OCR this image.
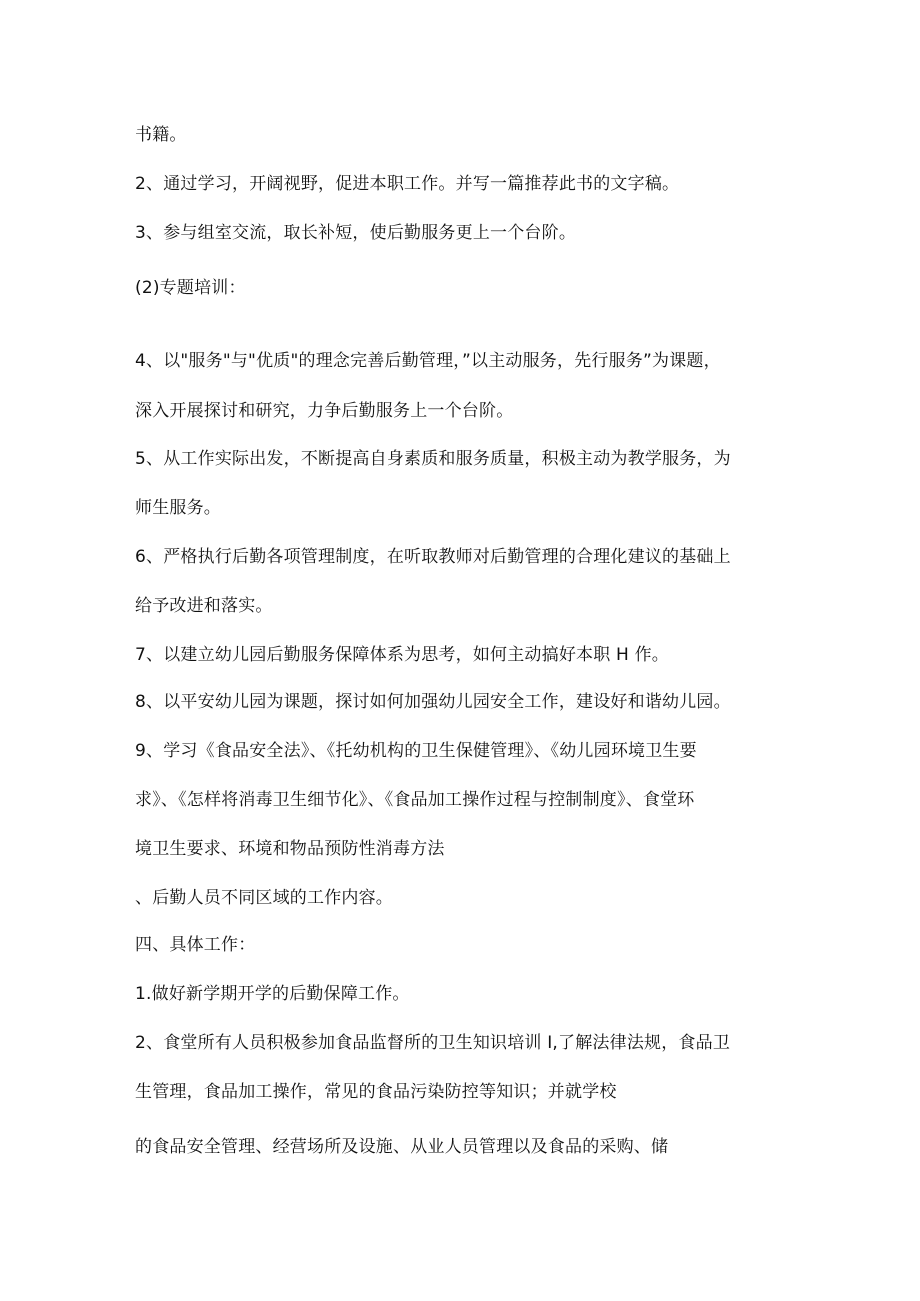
书籍。
2、通过学习，开阔视野，促进本职工作。并写一篇推荐此书的文字稿。
3、参与组室交流，取长补短，使后勤服务更上一个台阶。
(2)专题培训：
4、以"服务"与"优质"的理念完善后勤管理，”以主动服务，先行服务”为课题，
深入开展探讨和研究，力争后勤服务上一个台阶。
5、从工作实际出发，不断提高自身素质和服务质量，积极主动为教学服务，为
师生服务。
6、严格执行后勤各项管理制度，在听取教师对后勤管理的合理化建议的基础上
给予改进和落实。
7、以建立幼儿园后勤服务保障体系为思考，如何主动搞好本职 H 作。
8、以平安幼儿园为课题，探讨如何加强幼儿园安全工作，建设好和谐幼儿园。
9、学习《食品安全法》、《托幼机构的卫生保健管理》、《幼儿园环境卫生要
求》、《怎样将消毒卫生细节化》、《食品加工操作过程与控制制度》、食堂环
境卫生要求、环境和物品预防性消毒方法
、后勤人员不同区域的工作内容。
四、具体工作：
1.做好新学期开学的后勤保障工作。
2、食堂所有人员积极参加食品监督所的卫生知识培训 I,了解法律法规，食品卫
生管理，食品加工操作，常见的食品污染防控等知识；并就学校
的食品安全管理、经营场所及设施、从业人员管理以及食品的采购、储
